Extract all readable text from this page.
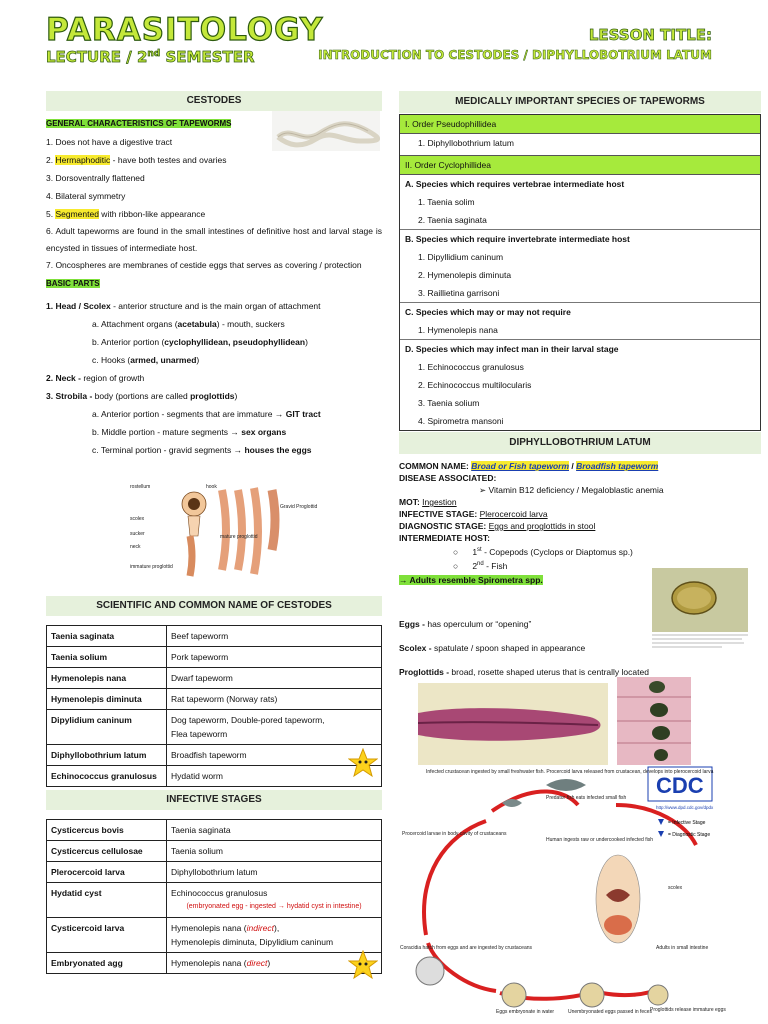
PARASITOLOGY
LECTURE / 2nd SEMESTER
LESSON TITLE:
INTRODUCTION TO CESTODES / DIPHYLLOBOTRIUM LATUM
CESTODES

GENERAL CHARACTERISTICS OF TAPEWORMS

1. Does not have a digestive tract

2. Hermaphoditic - have both testes and ovaries

3. Dorsoventrally flattened

4. Bilateral symmetry

5. Segmented with ribbon-like appearance

6. Adult tapeworms are found in the small intestines of definitive host and larval stage is encysted in tissues of intermediate host.

7. Oncospheres are membranes of cestide eggs that serves as covering / protection

BASIC PARTS

1. Head / Scolex - anterior structure and is the main organ of attachment

a. Attachment organs (acetabula) - mouth, suckers

b. Anterior portion (cyclophyllidean, pseudophyllidean)

c. Hooks (armed, unarmed)

2. Neck - region of growth

3. Strobila - body (portions are called proglottids)

a. Anterior portion - segments that are immature → GIT tract

b. Middle portion - mature segments → sex organs

c. Terminal portion - gravid segments → houses the eggs

rostellum	hook
scolex
sucker
neck
immature proglottid
Gravid Proglottid
mature proglottid
SCIENTIFIC AND COMMON NAME OF CESTODES
Taenia saginata	Beef tapeworm

Taenia solium	Pork tapeworm

Hymenolepis nana	Dwarf tapeworm

Hymenolepis diminuta	Rat tapeworm (Norway rats)

Dipylidium caninum	Dog tapeworm, Double-pored tapeworm,
Flea tapeworm

Diphyllobothrium latum	Broadfish tapeworm

Echinococcus granulosus	Hydatid worm
INFECTIVE STAGES
Cysticercus bovis	Taenia saginata

Cysticercus cellulosae	Taenia solium

Plerocercoid larva	Diphyllobothrium latum

Hydatid cyst	Echinococcus granulosus
(embryonated egg - ingested → hydatid cyst in intestine)

Cysticercoid larva	Hymenolepis nana (indirect),
Hymenolepis diminuta, Dipylidium caninum

Embryonated agg	Hymenolepis nana (direct)
MEDICALLY IMPORTANT SPECIES OF TAPEWORMS
I. Order Pseudophillidea
1. Diphyllobothrium latum
II. Order Cyclophillidea
A. Species which requires vertebrae intermediate host
1. Taenia solim
2. Taenia saginata
B. Species which require invertebrate intermediate host
1. Dipyllidium caninum
2. Hymenolepis diminuta
3. Raillietina garrisoni
C. Species which may or may not require
1. Hymenolepis nana
D. Species which may infect man in their larval stage
1. Echinococcus granulosus
2. Echinococcus multilocularis
3. Taenia solium
4. Spirometra mansoni
DIPHYLLOBOTHRIUM LATUM
COMMON NAME: Broad or Fish tapeworm / Broadfish tapeworm
DISEASE ASSOCIATED:
➢ Vitamin B12 deficiency / Megaloblastic anemia
MOT: Ingestion
INFECTIVE STAGE: Plerocercoid larva
DIAGNOSTIC STAGE: Eggs and proglottids in stool
INTERMEDIATE HOST:
○      1st - Copepods (Cyclops or Diaptomus sp.)
○      2nd - Fish
→ Adults resemble Spirometra spp.
Eggs - has operculum or “opening”
Scolex - spatulate / spoon shaped in appearance
Proglottids - broad, rosette shaped uterus that is centrally located
CDC
http://www.dpd.cdc.gov/dpdx
= Infective Stage
= Diagnostic Stage
Infected crustacean ingested by small freshwater fish. Procercoid larva released from crustacean, develops into plerocercoid larva
Predator fish eats infected small fish
Procercoid larvae in body cavity of crustaceans
Human ingests raw or undercooked infected fish
Coracidia hatch from eggs and are ingested by crustaceans
Eggs embryonate in water	Unembryonated eggs passed in feces
Proglottids release immature eggs
Adults in small intestine
scolex
